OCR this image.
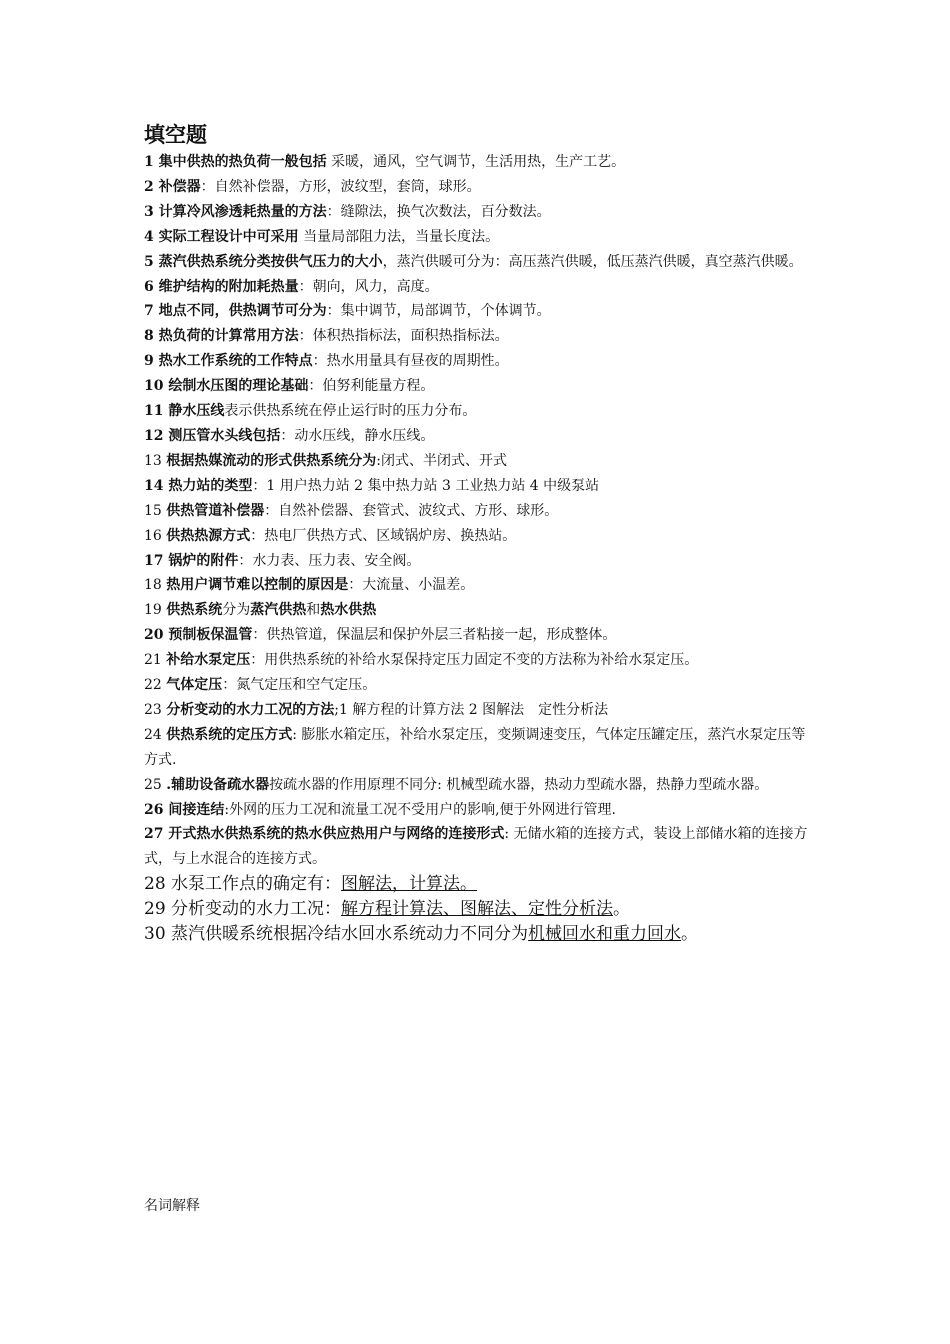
填空题

1 集中供热的热负荷一般包括 采暖，通风，空气调节，生活用热，生产工艺。

2 补偿器：自然补偿器，方形，波纹型，套筒，球形。

3 计算冷风渗透耗热量的方法：缝隙法，换气次数法，百分数法。

4 实际工程设计中可采用 当量局部阻力法，当量长度法。

5 蒸汽供热系统分类按供气压力的大小，蒸汽供暖可分为：高压蒸汽供暖，低压蒸汽供暖，真空蒸汽供暖。

6 维护结构的附加耗热量：朝向，风力，高度。

7 地点不同，供热调节可分为：集中调节，局部调节，个体调节。

8 热负荷的计算常用方法：体积热指标法，面积热指标法。

9 热水工作系统的工作特点：热水用量具有昼夜的周期性。

10 绘制水压图的理论基础：伯努利能量方程。

11 静水压线表示供热系统在停止运行时的压力分布。

12 测压管水头线包括：动水压线，静水压线。

13 根据热媒流动的形式供热系统分为:闭式、半闭式、开式

14 热力站的类型：1 用户热力站 2 集中热力站 3 工业热力站 4 中级泵站

15 供热管道补偿器：自然补偿器、套管式、波纹式、方形、球形。

16 供热热源方式：热电厂供热方式、区域锅炉房、换热站。

17 锅炉的附件：水力表、压力表、安全阀。

18 热用户调节难以控制的原因是：大流量、小温差。

19 供热系统分为蒸汽供热和热水供热

20 预制板保温管：供热管道，保温层和保护外层三者粘接一起，形成整体。

21 补给水泵定压：用供热系统的补给水泵保持定压力固定不变的方法称为补给水泵定压。

22 气体定压：氮气定压和空气定压。

23 分析变动的水力工况的方法;1 解方程的计算方法 2 图解法　定性分析法

24 供热系统的定压方式: 膨胀水箱定压，补给水泵定压，变频调速变压，气体定压罐定压，蒸汽水泵定压等方式.

25 .辅助设备疏水器按疏水器的作用原理不同分: 机械型疏水器，热动力型疏水器，热静力型疏水器。

26 间接连结:外网的压力工况和流量工况不受用户的影响,便于外网进行管理.

27 开式热水供热系统的热水供应热用户与网络的连接形式: 无储水箱的连接方式，装设上部储水箱的连接方式，与上水混合的连接方式。

28 水泵工作点的确定有：图解法，计算法。

29 分析变动的水力工况：解方程计算法、图解法、定性分析法。

30 蒸汽供暖系统根据冷结水回水系统动力不同分为机械回水和重力回水。

名词解释
